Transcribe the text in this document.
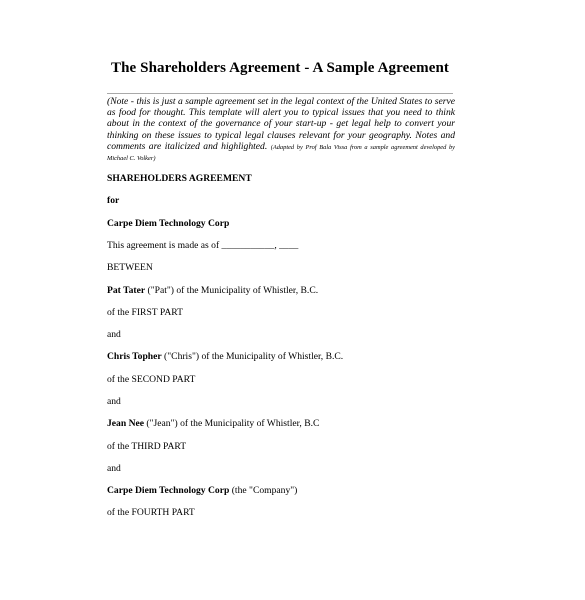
The Shareholders Agreement - A Sample Agreement
(Note - this is just a sample agreement set in the legal context of the United States to serve as food for thought. This template will alert you to typical issues that you need to think about in the context of the governance of your start-up - get legal help to convert your thinking on these issues to typical legal clauses relevant for your geography. Notes and comments are italicized and highlighted. (Adapted by Prof Bala Vissa from a sample agreement developed by Michael C. Volker)
SHAREHOLDERS AGREEMENT
for
Carpe Diem Technology Corp
This agreement is made as of ___________, ____
BETWEEN
Pat Tater ("Pat") of the Municipality of Whistler, B.C.
of the FIRST PART
and
Chris Topher ("Chris") of the Municipality of Whistler, B.C.
of the SECOND PART
and
Jean Nee ("Jean") of the Municipality of Whistler, B.C
of the THIRD PART
and
Carpe Diem Technology Corp (the "Company")
of the FOURTH PART
